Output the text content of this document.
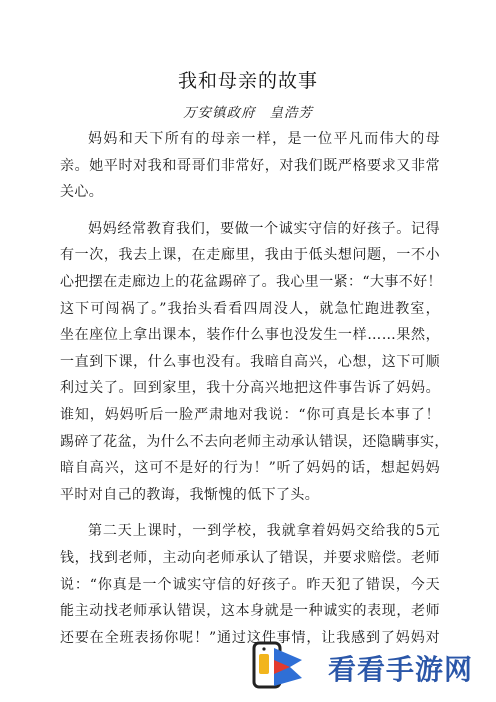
我和母亲的故事
万安镇政府 皇浩芳
妈妈和天下所有的母亲一样，是一位平凡而伟大的母
亲。她平时对我和哥哥们非常好，对我们既严格要求又非常
关心。
妈妈经常教育我们，要做一个诚实守信的好孩子。记得
有一次，我去上课，在走廊里，我由于低头想问题，一不小
心把摆在走廊边上的花盆踢碎了。我心里一紧：“大事不好！
这下可闯祸了。”我抬头看看四周没人，就急忙跑进教室，
坐在座位上拿出课本，装作什么事也没发生一样……果然，
一直到下课，什么事也没有。我暗自高兴，心想，这下可顺
利过关了。回到家里，我十分高兴地把这件事告诉了妈妈。
谁知，妈妈听后一脸严肃地对我说：“你可真是长本事了！
踢碎了花盆，为什么不去向老师主动承认错误，还隐瞒事实，
暗自高兴，这可不是好的行为！”听了妈妈的话，想起妈妈
平时对自己的教诲，我惭愧的低下了头。
第二天上课时，一到学校，我就拿着妈妈交给我的5元
钱，找到老师，主动向老师承认了错误，并要求赔偿。老师
说：“你真是一个诚实守信的好孩子。昨天犯了错误，今天
能主动找老师承认错误，这本身就是一种诚实的表现，老师
还要在全班表扬你呢！”通过这件事情，让我感到了妈妈对
看看手游网
